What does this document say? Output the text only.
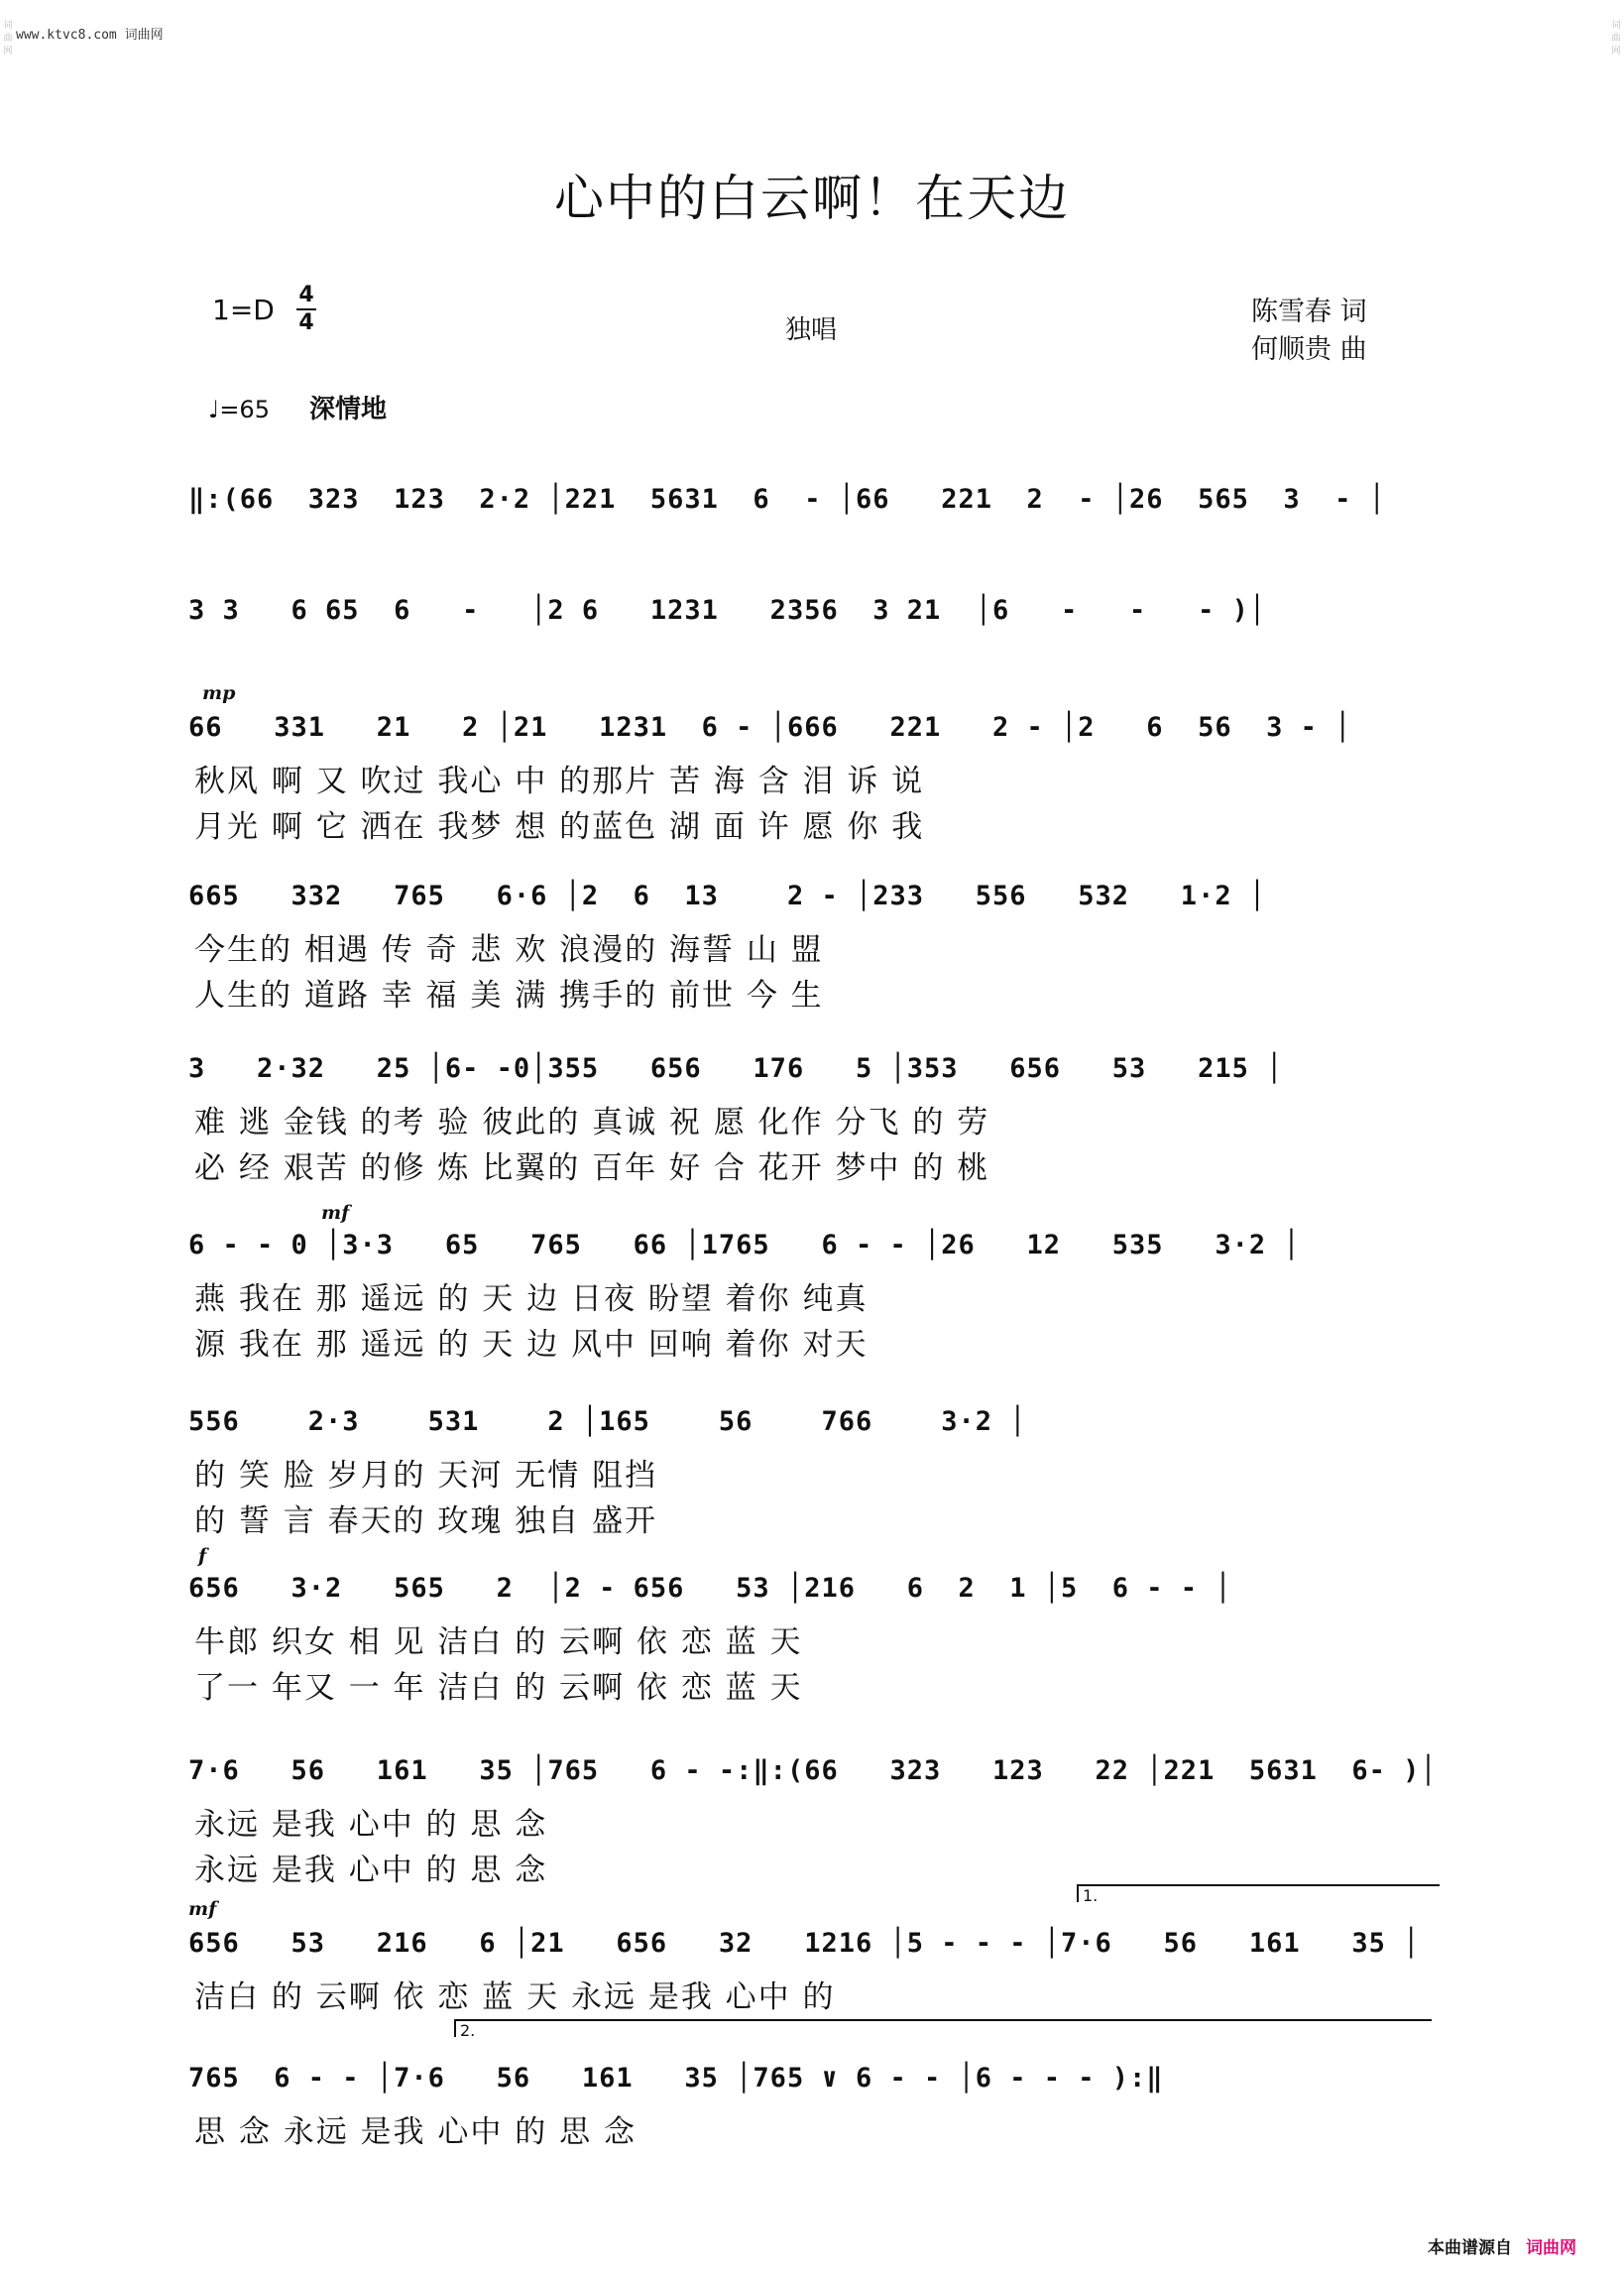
www.ktvc8.com 词曲网
词曲网
词曲网
心中的白云啊！在天边
1=D 4
4	独唱
陈雪春 词
何顺贵 曲
♩=65 深情地
‖:(66  323  123  2·2 │221  5631  6  - │66   221  2  - │26  565  3  - │
3 3   6 65  6   -   │2 6   1231   2356  3 21  │6   -   -   - )│
mp
66   331   21   2 │21   1231  6 - │666   221   2 - │2   6  56  3 - │
秋风 啊 又 吹过 我心 中 的那片 苦 海 含 泪 诉 说
月光 啊 它 洒在 我梦 想 的蓝色 湖 面 许 愿 你 我
665   332   765   6·6 │2  6  13    2 - │233   556   532   1·2 │
今生的 相遇 传 奇 悲 欢 浪漫的 海誓 山 盟
人生的 道路 幸 福 美 满 携手的 前世 今 生
3   2·32   25 │6- -0│355   656   176   5 │353   656   53   215 │
难 逃 金钱 的考 验 彼此的 真诚 祝 愿 化作 分飞 的 劳
必 经 艰苦 的修 炼 比翼的 百年 好 合 花开 梦中 的 桃
mf
6 - - 0 │3·3   65   765   66 │1765   6 - - │26   12   535   3·2 │
燕 我在 那 遥远 的 天 边 日夜 盼望 着你 纯真
源 我在 那 遥远 的 天 边 风中 回响 着你 对天
556    2·3    531    2 │165    56    766    3·2 │
的 笑 脸 岁月的 天河 无情 阻挡
的 誓 言 春天的 玫瑰 独自 盛开
f
656   3·2   565   2  │2 - 656   53 │216   6  2  1 │5  6 - - │
牛郎 织女 相 见 洁白 的 云啊 依 恋 蓝 天
了一 年又 一 年 洁白 的 云啊 依 恋 蓝 天
7·6   56   161   35 │765   6 - -:‖:(66   323   123   22 │221  5631  6- )│
永远 是我 心中 的 思 念
永远 是我 心中 的 思 念
mf
1.
656   53   216   6 │21   656   32   1216 │5 - - - │7·6   56   161   35 │
洁白 的 云啊 依 恋 蓝 天 永远 是我 心中 的
2.
765  6 - - │7·6   56   161   35 │765 ∨ 6 - - │6 - - - ):‖
思 念 永远 是我 心中 的 思 念
本曲谱源自 词曲网
